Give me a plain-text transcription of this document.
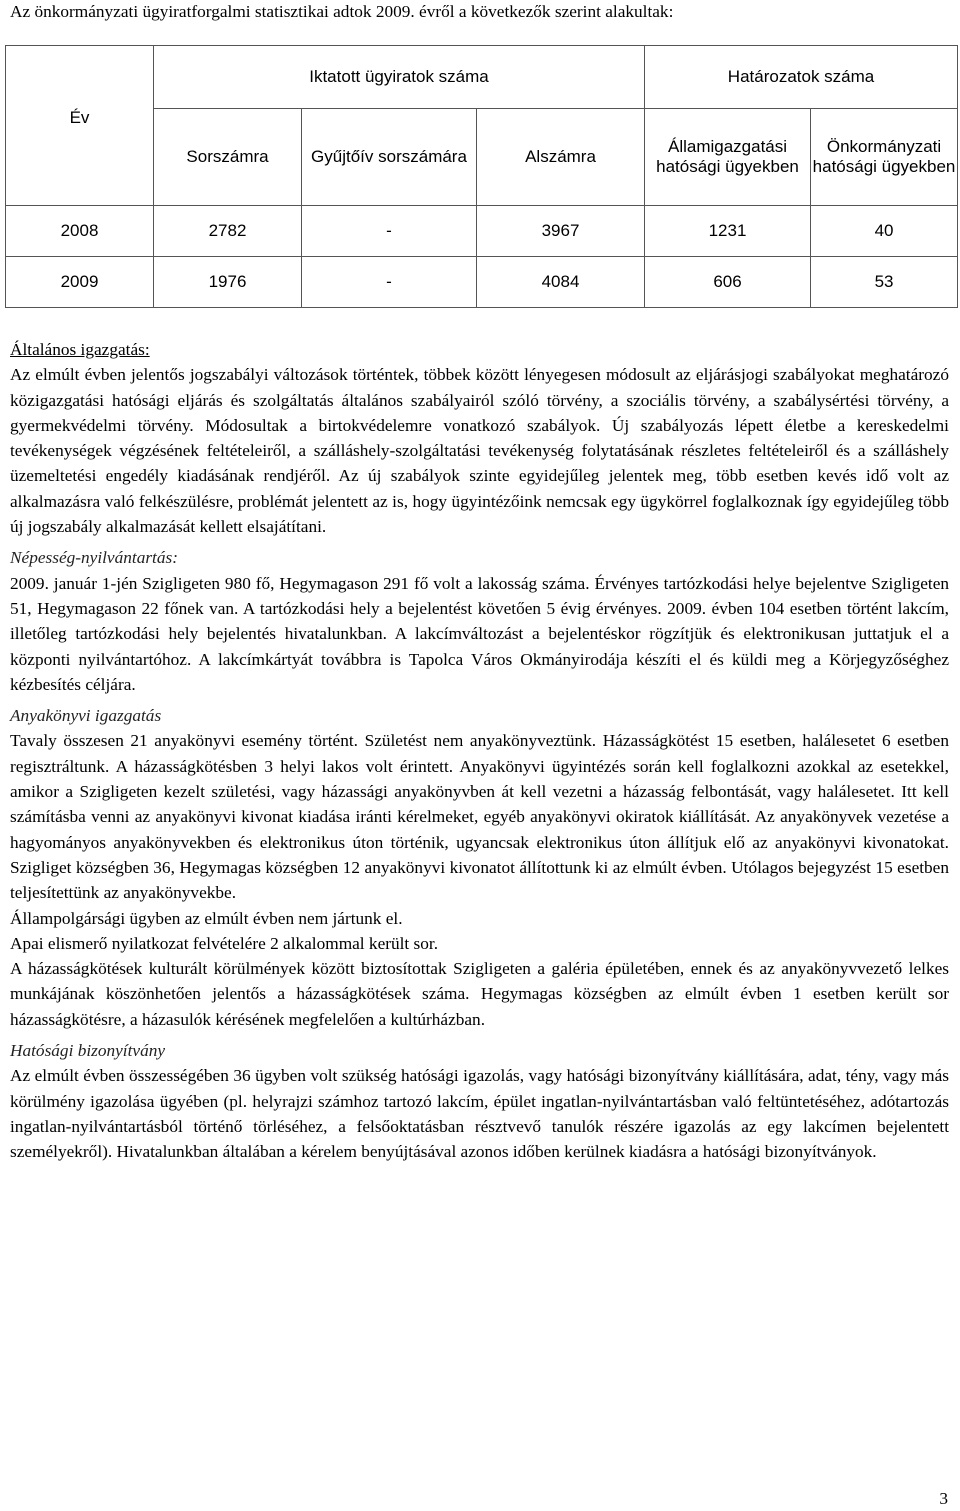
Az önkormányzati ügyiratforgalmi statisztikai adtok 2009. évről a következők szerint alakultak:
Év	Iktatott ügyiratok száma			Határozatok száma	
	Sorszámra	Gyűjtőív sorszámára	Alszámra	Államigazgatási hatósági ügyekben	Önkormányzati hatósági ügyekben
2008	2782	-	3967	1231	40
2009	1976	-	4084	606	53

Általános igazgatás:

Az elmúlt évben jelentős jogszabályi változások történtek, többek között lényegesen módosult az eljárásjogi szabályokat meghatározó közigazgatási hatósági eljárás és szolgáltatás általános szabályairól szóló törvény, a szociális törvény, a szabálysértési törvény, a gyermekvédelmi törvény. Módosultak a birtokvédelemre vonatkozó szabályok. Új szabályozás lépett életbe a kereskedelmi tevékenységek végzésének feltételeiről, a szálláshely-szolgáltatási tevékenység folytatásának részletes feltételeiről és a szálláshely üzemeltetési engedély kiadásának rendjéről. Az új szabályok szinte egyidejűleg jelentek meg, több esetben kevés idő volt az alkalmazásra való felkészülésre, problémát jelentett az is, hogy ügyintézőink nemcsak egy ügykörrel foglalkoznak így egyidejűleg több új jogszabály alkalmazását kellett elsajátítani.

Népesség-nyilvántartás:

2009. január 1-jén Szigligeten 980 fő, Hegymagason 291 fő volt a lakosság száma. Érvényes tartózkodási helye bejelentve Szigligeten 51, Hegymagason 22 főnek van. A tartózkodási hely a bejelentést követően 5 évig érvényes. 2009. évben 104 esetben történt lakcím, illetőleg tartózkodási hely bejelentés hivatalunkban. A lakcímváltozást a bejelentéskor rögzítjük és elektronikusan juttatjuk el a központi nyilvántartóhoz. A lakcímkártyát továbbra is Tapolca Város Okmányirodája készíti el és küldi meg a Körjegyzőséghez kézbesítés céljára.

Anyakönyvi igazgatás

Tavaly összesen 21 anyakönyvi esemény történt. Születést nem anyakönyveztünk. Házasságkötést 15 esetben, halálesetet 6 esetben regisztráltunk. A házasságkötésben 3 helyi lakos volt érintett. Anyakönyvi ügyintézés során kell foglalkozni azokkal az esetekkel, amikor a Szigligeten kezelt születési, vagy házassági anyakönyvben át kell vezetni a házasság felbontását, vagy halálesetet. Itt kell számításba venni az anyakönyvi kivonat kiadása iránti kérelmeket, egyéb anyakönyvi okiratok kiállítását. Az anyakönyvek vezetése a hagyományos anyakönyvekben és elektronikus úton történik, ugyancsak elektronikus úton állítjuk elő az anyakönyvi kivonatokat. Szigliget községben 36, Hegymagas községben 12 anyakönyvi kivonatot állítottunk ki az elmúlt évben. Utólagos bejegyzést 15 esetben teljesítettünk az anyakönyvekbe.

Állampolgársági ügyben az elmúlt évben nem jártunk el.

Apai elismerő nyilatkozat felvételére 2 alkalommal került sor.

A házasságkötések kulturált körülmények között biztosítottak Szigligeten a galéria épületében, ennek és az anyakönyvvezető lelkes munkájának köszönhetően jelentős a házasságkötések száma. Hegymagas községben az elmúlt évben 1 esetben került sor házasságkötésre, a házasulók kérésének megfelelően a kultúrházban.

Hatósági bizonyítvány

Az elmúlt évben összességében 36 ügyben volt szükség hatósági igazolás, vagy hatósági bizonyítvány kiállítására, adat, tény, vagy más körülmény igazolása ügyében (pl. helyrajzi számhoz tartozó lakcím, épület ingatlan-nyilvántartásban való feltüntetéséhez, adótartozás ingatlan-nyilvántartásból történő törléséhez, a felsőoktatásban résztvevő tanulók részére igazolás az egy lakcímen bejelentett személyekről). Hivatalunkban általában a kérelem benyújtásával azonos időben kerülnek kiadásra a hatósági bizonyítványok.

3
